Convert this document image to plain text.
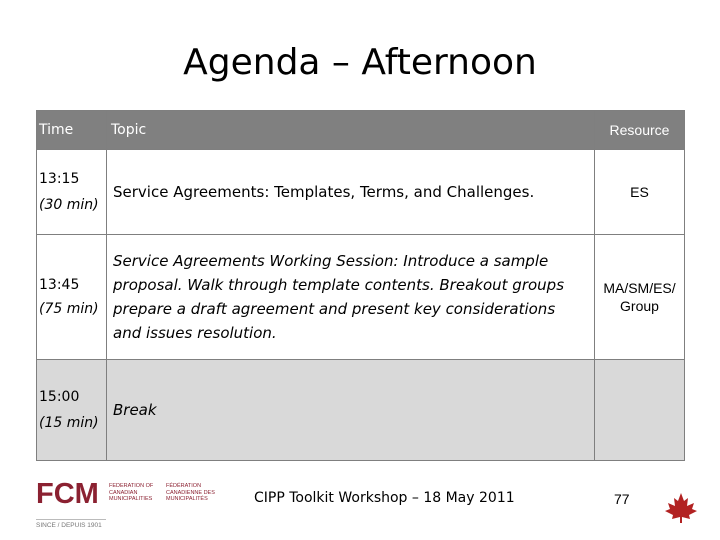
Agenda – Afternoon
Time	Topic	Resource

13:15
(30 min)	Service Agreements: Templates, Terms, and Challenges.	ES

13:45
(75 min)	Service Agreements Working Session: Introduce a sample proposal. Walk through template contents. Breakout groups prepare a draft agreement and present key considerations and issues resolution.	MA/SM/ES/ Group

15:00
(15 min)	Break	
FCM FEDERATION OF CANADIAN MUNICIPALITIES
FÉDÉRATION CANADIENNE DES MUNICIPALITÉS
SINCE / DEPUIS 1901
CIPP Toolkit Workshop – 18 May 2011	77
